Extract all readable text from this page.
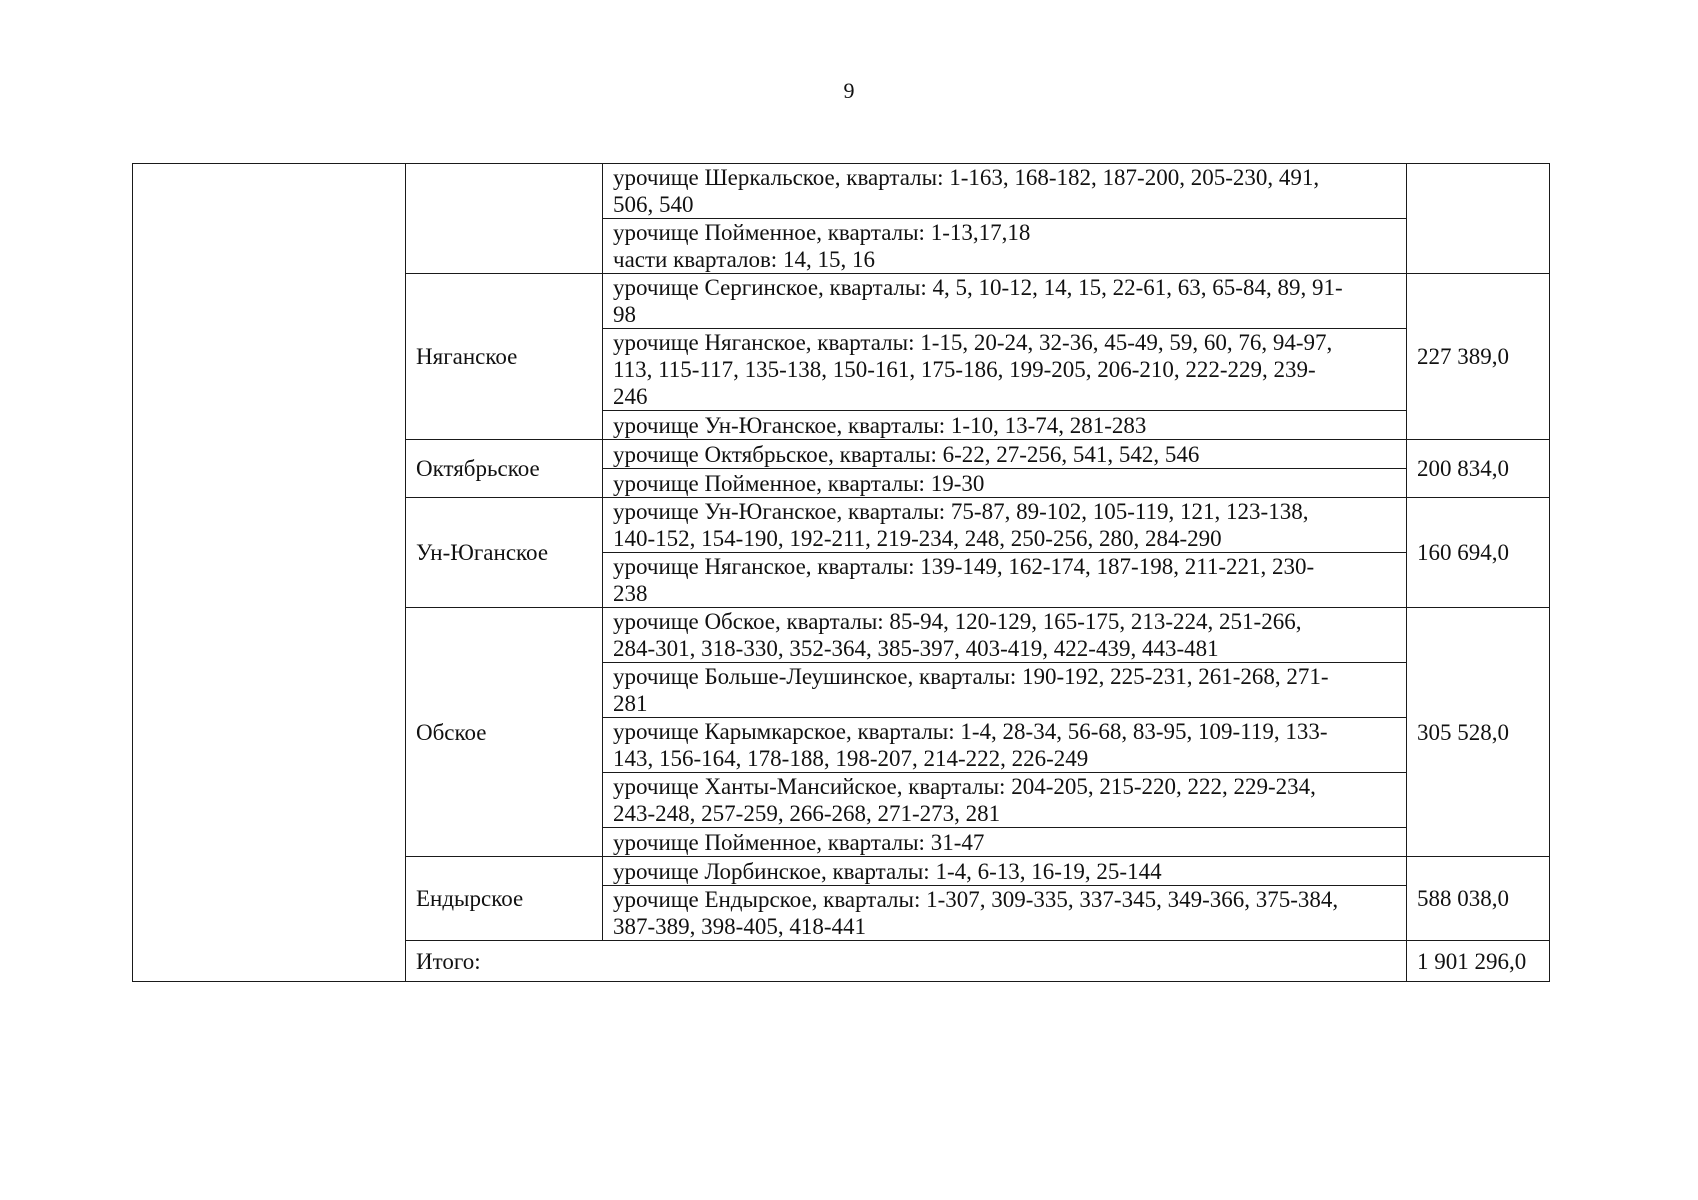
9

		урочище Шеркальское, кварталы: 1-163, 168-182, 187-200, 205-230, 491,
506, 540	

		урочище Пойменное, кварталы: 1-13,17,18
части кварталов: 14, 15, 16	

	Няганское	урочище Сергинское, кварталы: 4, 5, 10-12, 14, 15, 22-61, 63, 65-84, 89, 91-
98	227 389,0

		урочище Няганское, кварталы: 1-15, 20-24, 32-36, 45-49, 59, 60, 76, 94-97,
113, 115-117, 135-138, 150-161, 175-186, 199-205, 206-210, 222-229, 239-
246	

		урочище Ун-Юганское, кварталы: 1-10, 13-74, 281-283	

	Октябрьское	урочище Октябрьское, кварталы: 6-22, 27-256, 541, 542, 546	200 834,0

		урочище Пойменное, кварталы: 19-30	

	Ун-Юганское	урочище Ун-Юганское, кварталы: 75-87, 89-102, 105-119, 121, 123-138,
140-152, 154-190, 192-211, 219-234, 248, 250-256, 280, 284-290	160 694,0

		урочище Няганское, кварталы: 139-149, 162-174, 187-198, 211-221, 230-
238	

	Обское	урочище Обское, кварталы: 85-94, 120-129, 165-175, 213-224, 251-266,
284-301, 318-330, 352-364, 385-397, 403-419, 422-439, 443-481	305 528,0

		урочище Больше-Леушинское, кварталы: 190-192, 225-231, 261-268, 271-
281	

		урочище Карымкарское, кварталы: 1-4, 28-34, 56-68, 83-95, 109-119, 133-
143, 156-164, 178-188, 198-207, 214-222, 226-249	

		урочище Ханты-Мансийское, кварталы: 204-205, 215-220, 222, 229-234,
243-248, 257-259, 266-268, 271-273, 281	

		урочище Пойменное, кварталы: 31-47	

	Ендырское	урочище Лорбинское, кварталы: 1-4, 6-13, 16-19, 25-144	588 038,0

		урочище Ендырское, кварталы: 1-307, 309-335, 337-345, 349-366, 375-384,
387-389, 398-405, 418-441	

	Итого:		1 901 296,0
